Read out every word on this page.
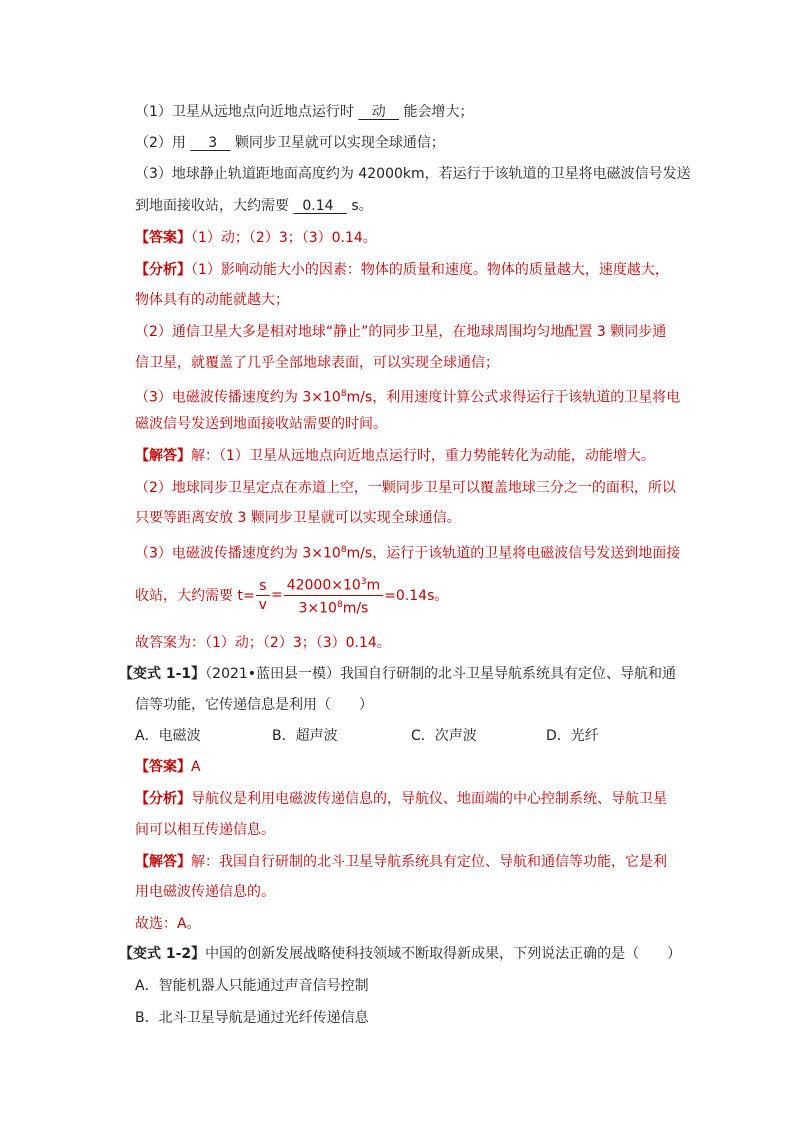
（1）卫星从远地点向近地点运行时 动 能会增大；
（2）用 3 颗同步卫星就可以实现全球通信；
（3）地球静止轨道距地面高度约为 42000km，若运行于该轨道的卫星将电磁波信号发送
到地面接收站，大约需要 0.14 s。
【答案】（1）动；（2）3；（3）0.14。
【分析】（1）影响动能大小的因素：物体的质量和速度。物体的质量越大，速度越大，
物体具有的动能就越大；
（2）通信卫星大多是相对地球“静止”的同步卫星，在地球周围均匀地配置 3 颗同步通
信卫星，就覆盖了几乎全部地球表面，可以实现全球通信；
（3）电磁波传播速度约为 $3\times 10^8m/s$，利用速度计算公式求得运行于该轨道的卫星将电
磁波信号发送到地面接收站需要的时间。
【解答】解：（1）卫星从远地点向近地点运行时，重力势能转化为动能，动能增大。
（2）地球同步卫星定点在赤道上空，一颗同步卫星可以覆盖地球三分之一的面积，所以
只要等距离安放 3 颗同步卫星就可以实现全球通信。
（3）电磁波传播速度约为 $3\times 10^8m/s$，运行于该轨道的卫星将电磁波信号发送到地面接
收站，大约需要 $t= \frac{s}{v} = \frac{42000\times 10^3m}{3\times 10^8m/s} =0.14s$。
故答案为：（1）动；（2）3；（3）0.14。
【变式 1-1】（2021•蓝田县一模）我国自行研制的北斗卫星导航系统具有定位、导航和通
信等功能，它传递信息是利用（　　）
A．电磁波	B．超声波	C．次声波	D．光纤
【答案】A
【分析】导航仪是利用电磁波传递信息的，导航仪、地面端的中心控制系统、导航卫星
间可以相互传递信息。
【解答】解：我国自行研制的北斗卫星导航系统具有定位、导航和通信等功能，它是利
用电磁波传递信息的。
故选：A。
【变式 1-2】中国的创新发展战略使科技领域不断取得新成果，下列说法正确的是（　　）
A．智能机器人只能通过声音信号控制
B．北斗卫星导航是通过光纤传递信息
